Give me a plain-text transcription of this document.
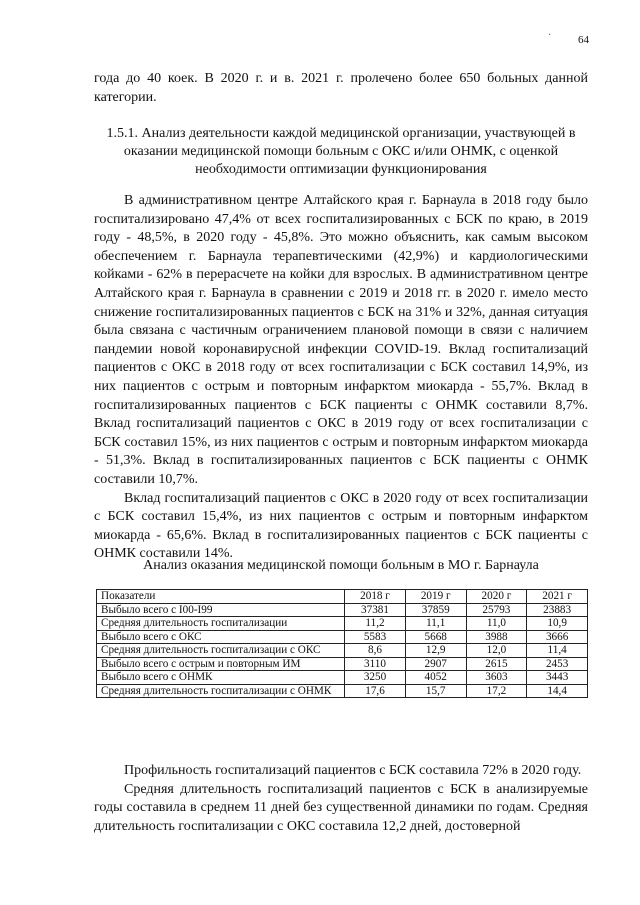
· 64

года до 40 коек. В 2020 г. и в. 2021 г. пролечено более 650 больных данной категории.

1.5.1. Анализ деятельности каждой медицинской организации, участвующей в оказании медицинской помощи больным с ОКС и/или ОНМК, с оценкой необходимости оптимизации функционирования

В административном центре Алтайского края г. Барнаула в 2018 году было госпитализировано 47,4% от всех госпитализированных с БСК по краю, в 2019 году - 48,5%, в 2020 году - 45,8%. Это можно объяснить, как самым высоком обеспечением г. Барнаула терапевтическими (42,9%) и кардиологическими койками - 62% в перерасчете на койки для взрослых. В административном центре Алтайского края г. Барнаула в сравнении с 2019 и 2018 гг. в 2020 г. имело место снижение госпитализированных пациентов с БСК на 31% и 32%, данная ситуация была связана с частичным ограничением плановой помощи в связи с наличием пандемии новой коронавирусной инфекции COVID-19. Вклад госпитализаций пациентов с ОКС в 2018 году от всех госпитализации с БСК составил 14,9%, из них пациентов с острым и повторным инфарктом миокарда - 55,7%. Вклад в госпитализированных пациентов с БСК пациенты с ОНМК составили 8,7%. Вклад госпитализаций пациентов с ОКС в 2019 году от всех госпитализации с БСК составил 15%, из них пациентов с острым и повторным инфарктом миокарда - 51,3%. Вклад в госпитализированных пациентов с БСК пациенты с ОНМК составили 10,7%.

Вклад госпитализаций пациентов с ОКС в 2020 году от всех госпитализации с БСК составил 15,4%, из них пациентов с острым и повторным инфарктом миокарда - 65,6%. Вклад в госпитализированных пациентов с БСК пациенты с ОНМК составили 14%.

Анализ оказания медицинской помощи больным в МО г. Барнаула
Показатели	2018 г	2019 г	2020 г	2021 г
Выбыло всего с I00-I99	37381	37859	25793	23883
Средняя длительность госпитализации	11,2	11,1	11,0	10,9
Выбыло всего с ОКС	5583	5668	3988	3666
Средняя длительность госпитализации с ОКС	8,6	12,9	12,0	11,4
Выбыло всего с острым и повторным ИМ	3110	2907	2615	2453
Выбыло всего с ОНМК	3250	4052	3603	3443
Средняя длительность госпитализации с ОНМК	17,6	15,7	17,2	14,4

Профильность госпитализаций пациентов с БСК составила 72% в 2020 году.

Средняя длительность госпитализаций пациентов с БСК в анализируемые годы составила в среднем 11 дней без существенной динамики по годам. Средняя длительность госпитализации с ОКС составила 12,2 дней, достоверной
